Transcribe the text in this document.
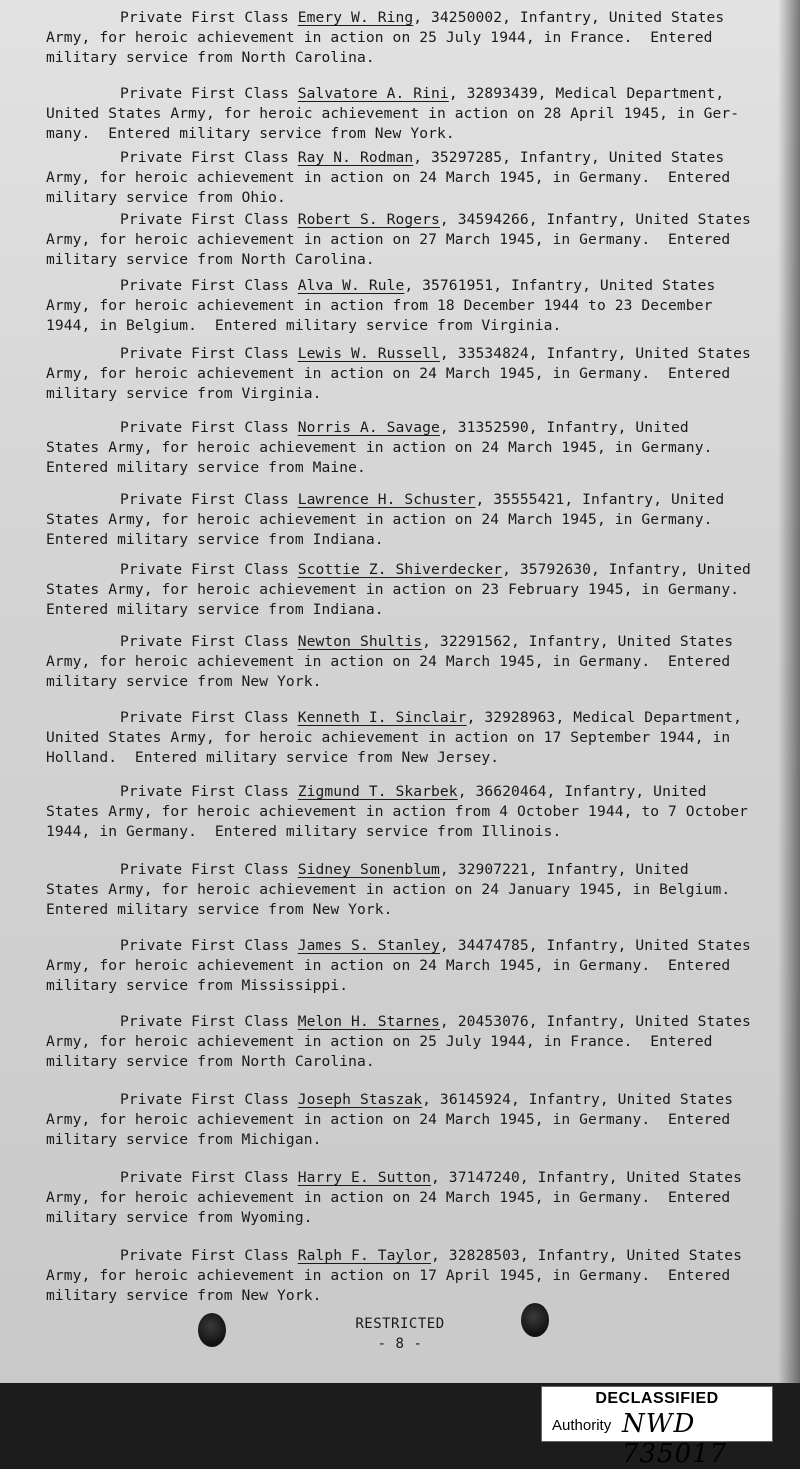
Private First Class Emery W. Ring, 34250002, Infantry, United States
Army, for heroic achievement in action on 25 July 1944, in France.  Entered
military service from North Carolina.
Private First Class Salvatore A. Rini, 32893439, Medical Department,
United States Army, for heroic achievement in action on 28 April 1945, in Ger-
many.  Entered military service from New York.
Private First Class Ray N. Rodman, 35297285, Infantry, United States
Army, for heroic achievement in action on 24 March 1945, in Germany.  Entered
military service from Ohio.
Private First Class Robert S. Rogers, 34594266, Infantry, United States
Army, for heroic achievement in action on 27 March 1945, in Germany.  Entered
military service from North Carolina.
Private First Class Alva W. Rule, 35761951, Infantry, United States
Army, for heroic achievement in action from 18 December 1944 to 23 December
1944, in Belgium.  Entered military service from Virginia.
Private First Class Lewis W. Russell, 33534824, Infantry, United States
Army, for heroic achievement in action on 24 March 1945, in Germany.  Entered
military service from Virginia.
Private First Class Norris A. Savage, 31352590, Infantry, United
States Army, for heroic achievement in action on 24 March 1945, in Germany.
Entered military service from Maine.
Private First Class Lawrence H. Schuster, 35555421, Infantry, United
States Army, for heroic achievement in action on 24 March 1945, in Germany.
Entered military service from Indiana.
Private First Class Scottie Z. Shiverdecker, 35792630, Infantry, United
States Army, for heroic achievement in action on 23 February 1945, in Germany.
Entered military service from Indiana.
Private First Class Newton Shultis, 32291562, Infantry, United States
Army, for heroic achievement in action on 24 March 1945, in Germany.  Entered
military service from New York.
Private First Class Kenneth I. Sinclair, 32928963, Medical Department,
United States Army, for heroic achievement in action on 17 September 1944, in
Holland.  Entered military service from New Jersey.
Private First Class Zigmund T. Skarbek, 36620464, Infantry, United
States Army, for heroic achievement in action from 4 October 1944, to 7 October
1944, in Germany.  Entered military service from Illinois.
Private First Class Sidney Sonenblum, 32907221, Infantry, United
States Army, for heroic achievement in action on 24 January 1945, in Belgium.
Entered military service from New York.
Private First Class James S. Stanley, 34474785, Infantry, United States
Army, for heroic achievement in action on 24 March 1945, in Germany.  Entered
military service from Mississippi.
Private First Class Melon H. Starnes, 20453076, Infantry, United States
Army, for heroic achievement in action on 25 July 1944, in France.  Entered
military service from North Carolina.
Private First Class Joseph Staszak, 36145924, Infantry, United States
Army, for heroic achievement in action on 24 March 1945, in Germany.  Entered
military service from Michigan.
Private First Class Harry E. Sutton, 37147240, Infantry, United States
Army, for heroic achievement in action on 24 March 1945, in Germany.  Entered
military service from Wyoming.
Private First Class Ralph F. Taylor, 32828503, Infantry, United States
Army, for heroic achievement in action on 17 April 1945, in Germany.  Entered
military service from New York.
RESTRICTED
- 8 -
DECLASSIFIED
Authority NWD 735017
